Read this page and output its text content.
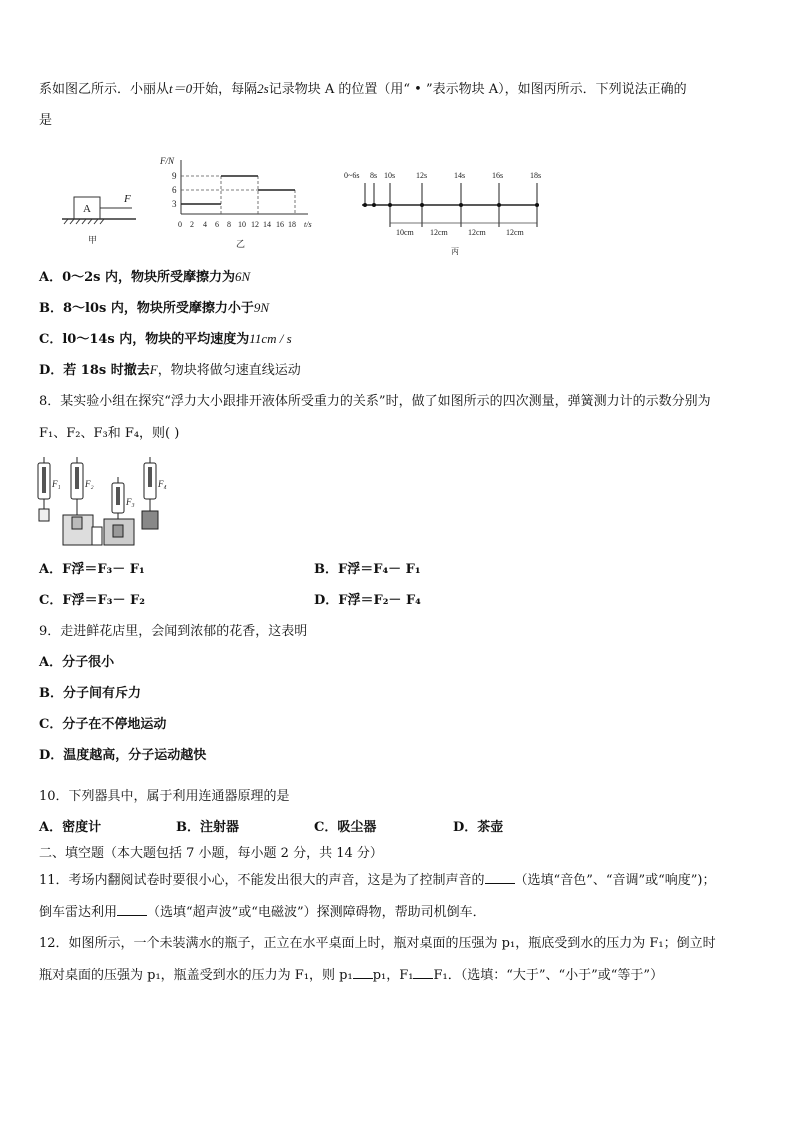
系如图乙所示．小丽从t＝0开始，每隔2s记录物块 A 的位置（用“ • ”表示物块 A），如图丙所示．下列说法正确的
是
A
F
甲
F/N
9
6
3
0 2 4 6 8 10 12 14 16 18 t/s
乙
0~6s 8s 10s	12s	14s	16s	18s
10cm 12cm	12cm	12cm
丙
A．0～2s 内，物块所受摩擦力为6N
B．8～l0s 内，物块所受摩擦力小于9N
C．l0～14s 内，物块的平均速度为11cm / s
D．若 18s 时撤去F，物块将做匀速直线运动
8．某实验小组在探究“浮力大小跟排开液体所受重力的关系”时，做了如图所示的四次测量，弹簧测力计的示数分别为
F₁、F₂、F₃和 F₄，则( )
F₁	F₂
F₃
F₄
A．F浮＝F₃－ F₁	B．F浮＝F₄－ F₁
C．F浮＝F₃－ F₂	D．F浮＝F₂－ F₄
9．走进鲜花店里，会闻到浓郁的花香，这表明
A．分子很小
B．分子间有斥力
C．分子在不停地运动
D．温度越高，分子运动越快
10．下列器具中，属于利用连通器原理的是
A．密度计	B．注射器	C．吸尘器	D．茶壶
二、填空题（本大题包括 7 小题，每小题 2 分，共 14 分）
11．考场内翻阅试卷时要很小心，不能发出很大的声音，这是为了控制声音的 （选填“音色”、“音调”或“响度”)；
倒车雷达利用 （选填“超声波”或“电磁波”）探测障碍物，帮助司机倒车．
12．如图所示，一个未装满水的瓶子，正立在水平桌面上时，瓶对桌面的压强为 p₁，瓶底受到水的压力为 F₁；倒立时
瓶对桌面的压强为 p₁，瓶盖受到水的压力为 F₁，则 p₁ p₁，F₁ F₁．（选填：“大于”、“小于”或“等于”）
